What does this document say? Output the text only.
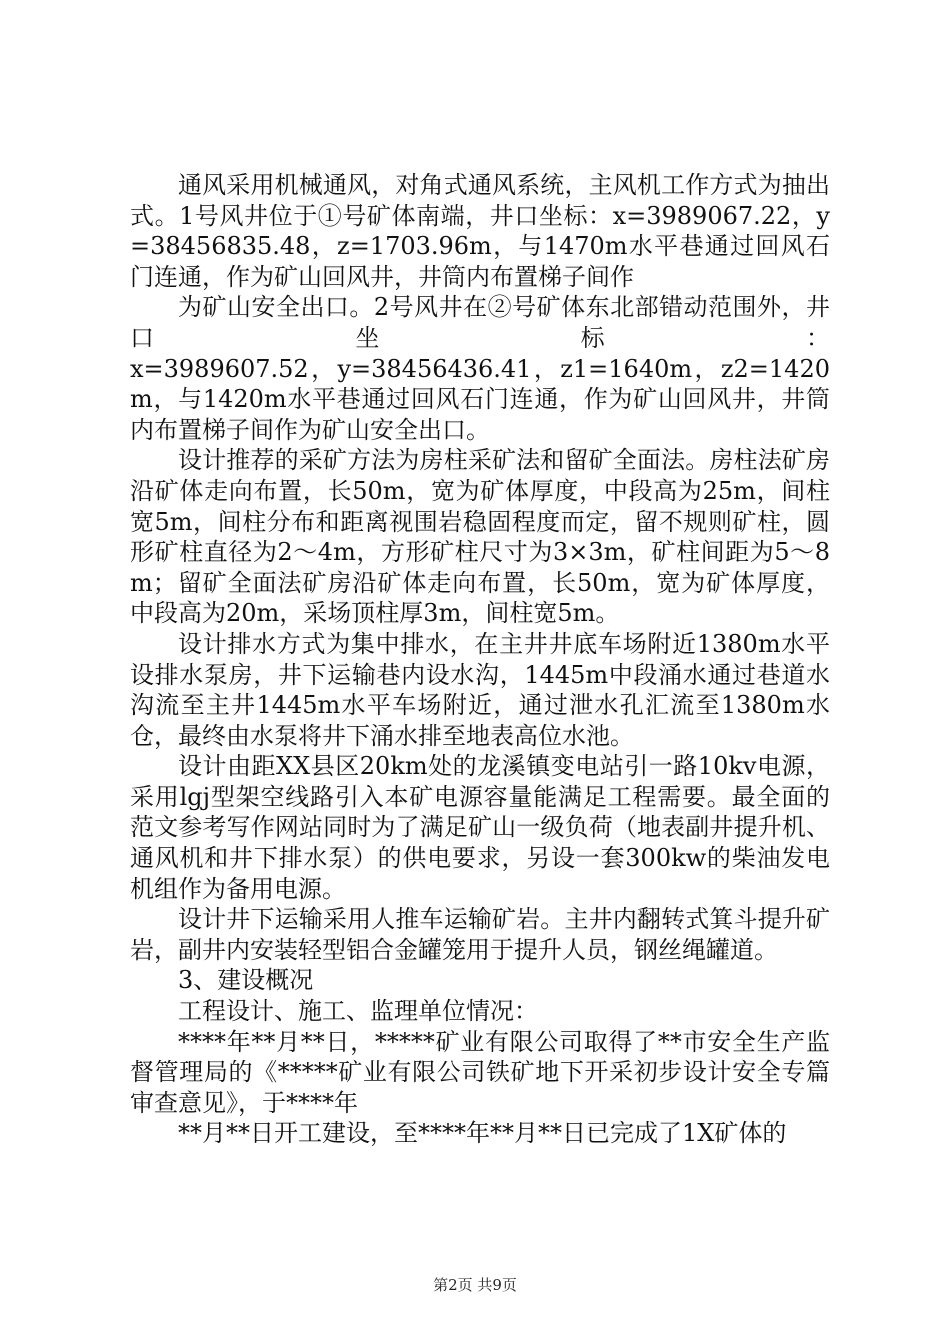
通风采用机械通风，对角式通风系统，主风机工作方式为抽出式。1号风井位于①号矿体南端，井口坐标：x=3989067.22，y=38456835.48，z=1703.96m，与1470m水平巷通过回风石门连通，作为矿山回风井，井筒内布置梯子间作

为矿山安全出口。2号风井在②号矿体东北部错动范围外，井口坐标：

x=3989607.52，y=38456436.41，z1=1640m，z2=1420m，与1420m水平巷通过回风石门连通，作为矿山回风井，井筒内布置梯子间作为矿山安全出口。

设计推荐的采矿方法为房柱采矿法和留矿全面法。房柱法矿房沿矿体走向布置，长50m，宽为矿体厚度，中段高为25m，间柱宽5m，间柱分布和距离视围岩稳固程度而定，留不规则矿柱，圆形矿柱直径为2～4m，方形矿柱尺寸为3×3m，矿柱间距为5～8m；留矿全面法矿房沿矿体走向布置，长50m，宽为矿体厚度，中段高为20m，采场顶柱厚3m，间柱宽5m。

设计排水方式为集中排水，在主井井底车场附近1380m水平设排水泵房，井下运输巷内设水沟，1445m中段涌水通过巷道水沟流至主井1445m水平车场附近，通过泄水孔汇流至1380m水仓，最终由水泵将井下涌水排至地表高位水池。

设计由距XX县区20km处的龙溪镇变电站引一路10kv电源，采用lgj型架空线路引入本矿电源容量能满足工程需要。最全面的范文参考写作网站同时为了满足矿山一级负荷（地表副井提升机、通风机和井下排水泵）的供电要求，另设一套300kw的柴油发电机组作为备用电源。

设计井下运输采用人推车运输矿岩。主井内翻转式箕斗提升矿岩，副井内安装轻型铝合金罐笼用于提升人员，钢丝绳罐道。

3、建设概况

工程设计、施工、监理单位情况：

****年**月**日，*****矿业有限公司取得了**市安全生产监督管理局的《*****矿业有限公司铁矿地下开采初步设计安全专篇审查意见》，于****年

**月**日开工建设，至****年**月**日已完成了1X矿体的

第2页 共9页
